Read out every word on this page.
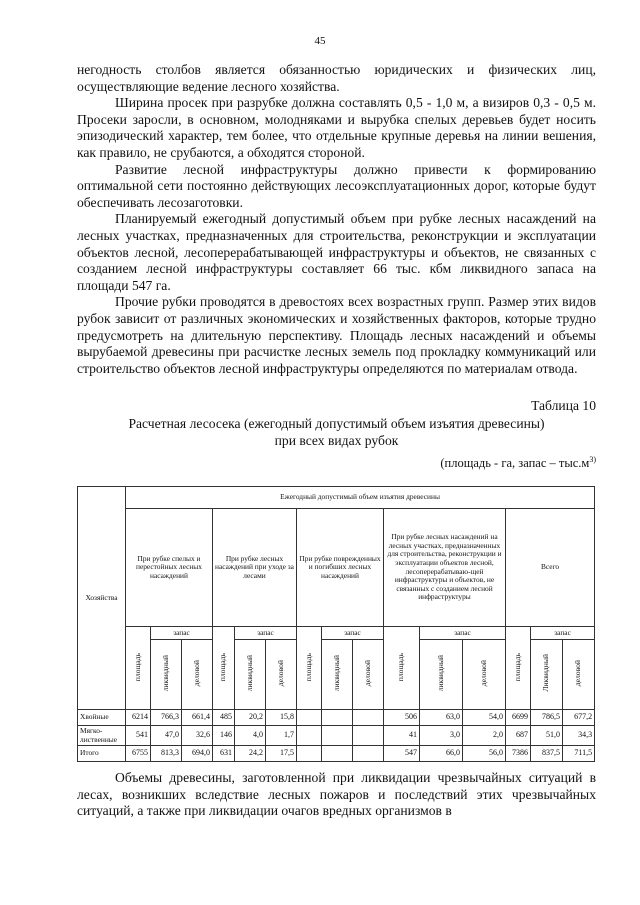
45

негодность столбов является обязанностью юридических и физических лиц, осуществляющие ведение лесного хозяйства.

Ширина просек при разрубке должна составлять 0,5 - 1,0 м, а визиров 0,3 - 0,5 м. Просеки заросли, в основном, молодняками и вырубка спелых деревьев будет носить эпизодический характер, тем более, что отдельные крупные деревья на линии вешения, как правило, не срубаются, а обходятся стороной.

Развитие лесной инфраструктуры должно привести к формированию оптимальной сети постоянно действующих лесоэксплуатационных дорог, которые будут обеспечивать лесозаготовки.

Планируемый ежегодный допустимый объем при рубке лесных насаждений на лесных участках, предназначенных для строительства, реконструкции и эксплуатации объектов лесной, лесоперерабатывающей инфраструктуры и объектов, не связанных с созданием лесной инфраструктуры составляет 66 тыс. кбм ликвидного запаса на площади 547 га.

Прочие рубки проводятся в древостоях всех возрастных групп. Размер этих видов рубок зависит от различных экономических и хозяйственных факторов, которые трудно предусмотреть на длительную перспективу. Площадь лесных насаждений и объемы вырубаемой древесины при расчистке лесных земель под прокладку коммуникаций или строительство объектов лесной инфраструктуры определяются по материалам отвода.

Таблица 10
Расчетная лесосека (ежегодный допустимый объем изъятия древесины)
при всех видах рубок
(площадь - га, запас – $тыс.м^{3)}$
Хозяйства	Ежегодный допустимый объем изъятия древесины														
	При рубке спелых и перестойных лесных насаждений			При рубке лесных насаждений при уходе за лесами			При рубке поврежденных и погибших лесных насаждений			При рубке лесных насаждений на лесных участках, предназначенных для строительства, реконструкции и эксплуатации объектов лесной, лесоперерабатываю-щей инфраструктуры и объектов, не связанных с созданием лесной инфраструктуры			Всего		
	площадь	запас		площадь	запас		площадь	запас		площадь	запас		площадь	запас	
		ликвидный	деловой		ликвидный	деловой		ликвидный	деловой		ликвидный	деловой		Ликвидный	деловой
Хвойные	6214	766,3	661,4	485	20,2	15,8				506	63,0	54,0	6699	786,5	677,2
Мягко-лиственные	541	47,0	32,6	146	4,0	1,7				41	3,0	2,0	687	51,0	34,3
Итого	6755	813,3	694,0	631	24,2	17,5				547	66,0	56,0	7386	837,5	711,5

Объемы древесины, заготовленной при ликвидации чрезвычайных ситуаций в лесах, возникших вследствие лесных пожаров и последствий этих чрезвычайных ситуаций, а также при ликвидации очагов вредных организмов в
